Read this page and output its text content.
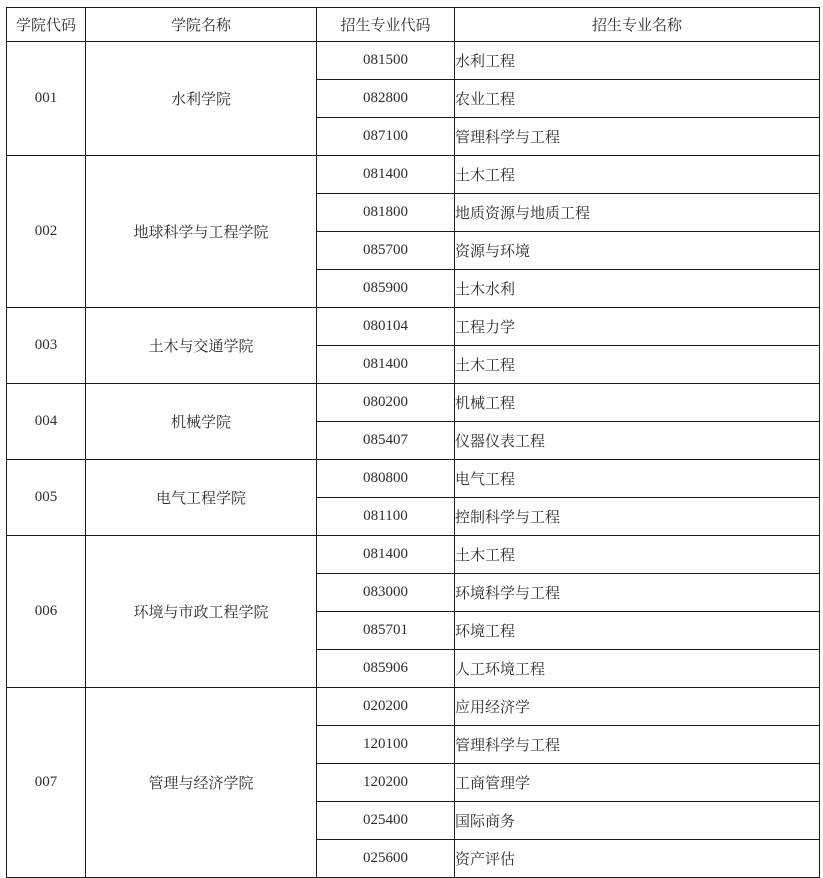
学院代码	学院名称	招生专业代码	招生专业名称
001	水利学院	081500	水利工程
		082800	农业工程
		087100	管理科学与工程
002	地球科学与工程学院	081400	土木工程
		081800	地质资源与地质工程
		085700	资源与环境
		085900	土木水利
003	土木与交通学院	080104	工程力学
		081400	土木工程
004	机械学院	080200	机械工程
		085407	仪器仪表工程
005	电气工程学院	080800	电气工程
		081100	控制科学与工程
006	环境与市政工程学院	081400	土木工程
		083000	环境科学与工程
		085701	环境工程
		085906	人工环境工程
007	管理与经济学院	020200	应用经济学
		120100	管理科学与工程
		120200	工商管理学
		025400	国际商务
		025600	资产评估
